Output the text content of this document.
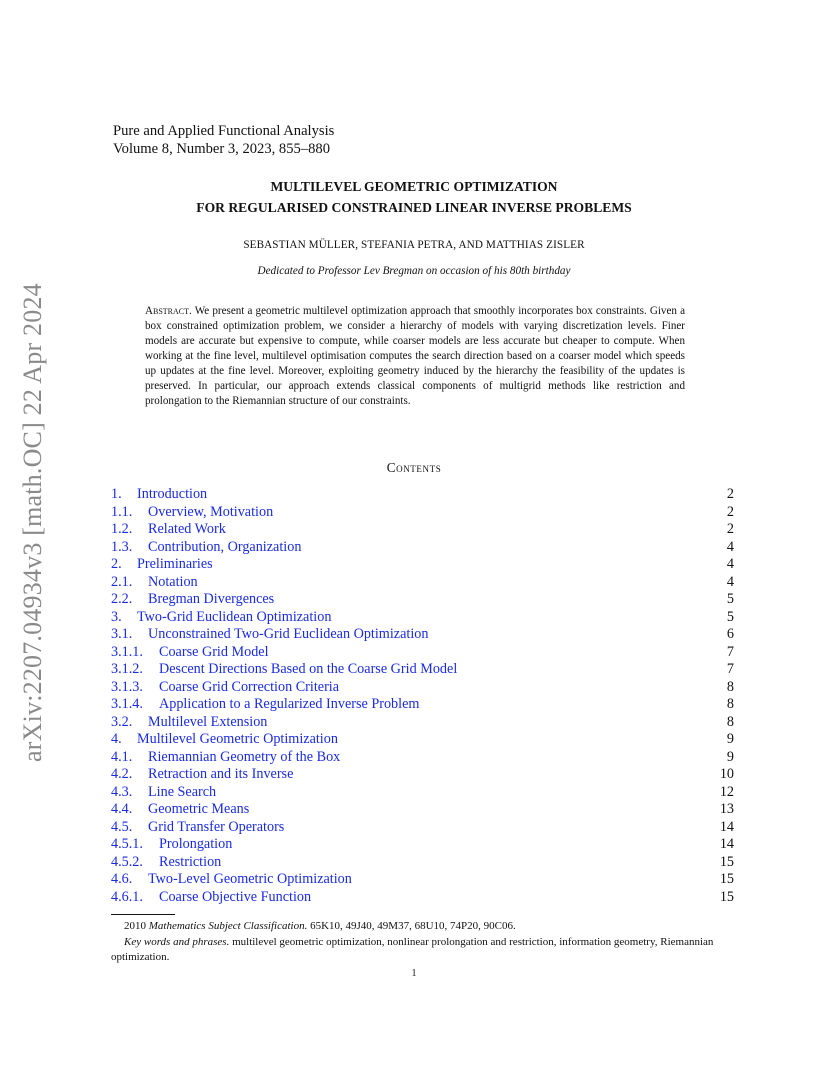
arXiv:2207.04934v3 [math.OC] 22 Apr 2024
Pure and Applied Functional Analysis
Volume 8, Number 3, 2023, 855–880
MULTILEVEL GEOMETRIC OPTIMIZATION
FOR REGULARISED CONSTRAINED LINEAR INVERSE PROBLEMS
SEBASTIAN MÜLLER, STEFANIA PETRA, AND MATTHIAS ZISLER
Dedicated to Professor Lev Bregman on occasion of his 80th birthday
Abstract. We present a geometric multilevel optimization approach that smoothly incorporates box constraints. Given a box constrained optimization problem, we consider a hierarchy of models with varying discretization levels. Finer models are accurate but expensive to compute, while coarser models are less accurate but cheaper to compute. When working at the fine level, multilevel optimisation computes the search direction based on a coarser model which speeds up updates at the fine level. Moreover, exploiting geometry induced by the hierarchy the feasibility of the updates is preserved. In particular, our approach extends classical components of multigrid methods like restriction and prolongation to the Riemannian structure of our constraints.
Contents
1. Introduction	2
1.1. Overview, Motivation	2
1.2. Related Work	2
1.3. Contribution, Organization	4
2. Preliminaries	4
2.1. Notation	4
2.2. Bregman Divergences	5
3. Two-Grid Euclidean Optimization	5
3.1. Unconstrained Two-Grid Euclidean Optimization	6
3.1.1. Coarse Grid Model	7
3.1.2. Descent Directions Based on the Coarse Grid Model	7
3.1.3. Coarse Grid Correction Criteria	8
3.1.4. Application to a Regularized Inverse Problem	8
3.2. Multilevel Extension	8
4. Multilevel Geometric Optimization	9
4.1. Riemannian Geometry of the Box	9
4.2. Retraction and its Inverse	10
4.3. Line Search	12
4.4. Geometric Means	13
4.5. Grid Transfer Operators	14
4.5.1. Prolongation	14
4.5.2. Restriction	15
4.6. Two-Level Geometric Optimization	15
4.6.1. Coarse Objective Function	15

2010 Mathematics Subject Classification. 65K10, 49J40, 49M37, 68U10, 74P20, 90C06.

Key words and phrases. multilevel geometric optimization, nonlinear prolongation and restriction, information geometry, Riemannian optimization.

1
